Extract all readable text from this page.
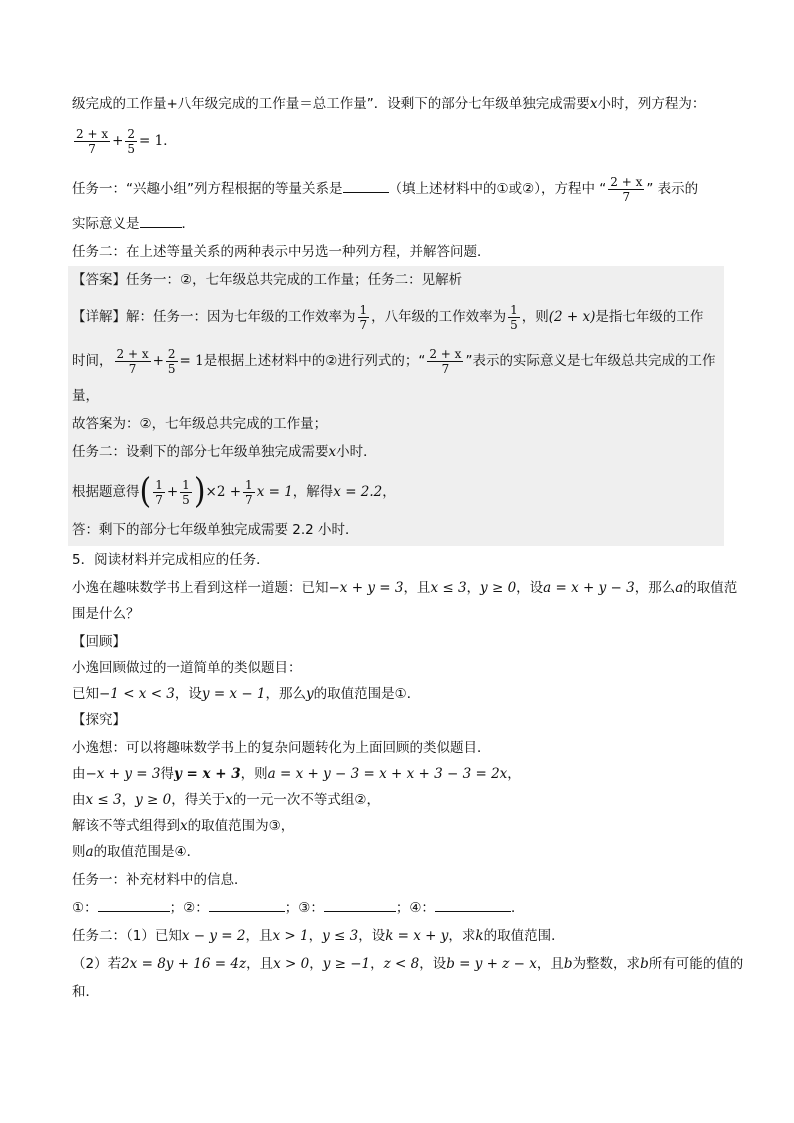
级完成的工作量+八年级完成的工作量＝总工作量”．设剩下的部分七年级单独完成需要x小时，列方程为：
$\frac{2 + x}{7} + \frac{2}{5} = 1$．
任务一：“兴趣小组”列方程根据的等量关系是	（填上述材料中的①或②），方程中 “ $\frac{2 + x}{7}$ ” 表示的
实际意义是	．
任务二：在上述等量关系的两种表示中另选一种列方程，并解答问题．
【答案】任务一：②，七年级总共完成的工作量；任务二：见解析
【详解】解：任务一：因为七年级的工作效率为 $\frac{1}{7}$ ，八年级的工作效率为 $\frac{1}{5}$ ，则(2 + x)是指七年级的工作
时间， $\frac{2 + x}{7} + \frac{2}{5} = 1$是根据上述材料中的②进行列式的；“ $\frac{2 + x}{7}$ ”表示的实际意义是七年级总共完成的工作
量，
故答案为：②，七年级总共完成的工作量；
任务二：设剩下的部分七年级单独完成需要x小时．
根据题意得( $\frac{1}{7} + \frac{1}{5} )\times 2 + \frac{1}{7}$ x = 1，解得x = 2.2，
答：剩下的部分七年级单独完成需要 2.2 小时．
5．阅读材料并完成相应的任务．
小逸在趣味数学书上看到这样一道题：已知−x + y = 3，且x ≤ 3，y ≥ 0，设a = x + y − 3，那么a的取值范
围是什么？
【回顾】
小逸回顾做过的一道简单的类似题目：
已知−1 < x < 3，设y = x − 1，那么y的取值范围是①．
【探究】
小逸想：可以将趣味数学书上的复杂问题转化为上面回顾的类似题目．
由−x + y = 3得y = x + 3，则a = x + y − 3 = x + x + 3 − 3 = 2x，
由x ≤ 3，y ≥ 0，得关于x的一元一次不等式组②，
解该不等式组得到x的取值范围为③，
则a的取值范围是④．
任务一：补充材料中的信息．
①：	；②：	；③：	；④：	．
任务二：（1）已知x − y = 2，且x > 1，y ≤ 3，设k = x + y，求k的取值范围．
（2）若2x = 8y + 16 = 4z，且x > 0，y ≥ −1，z < 8，设b = y + z − x，且b为整数，求b所有可能的值的
和．
